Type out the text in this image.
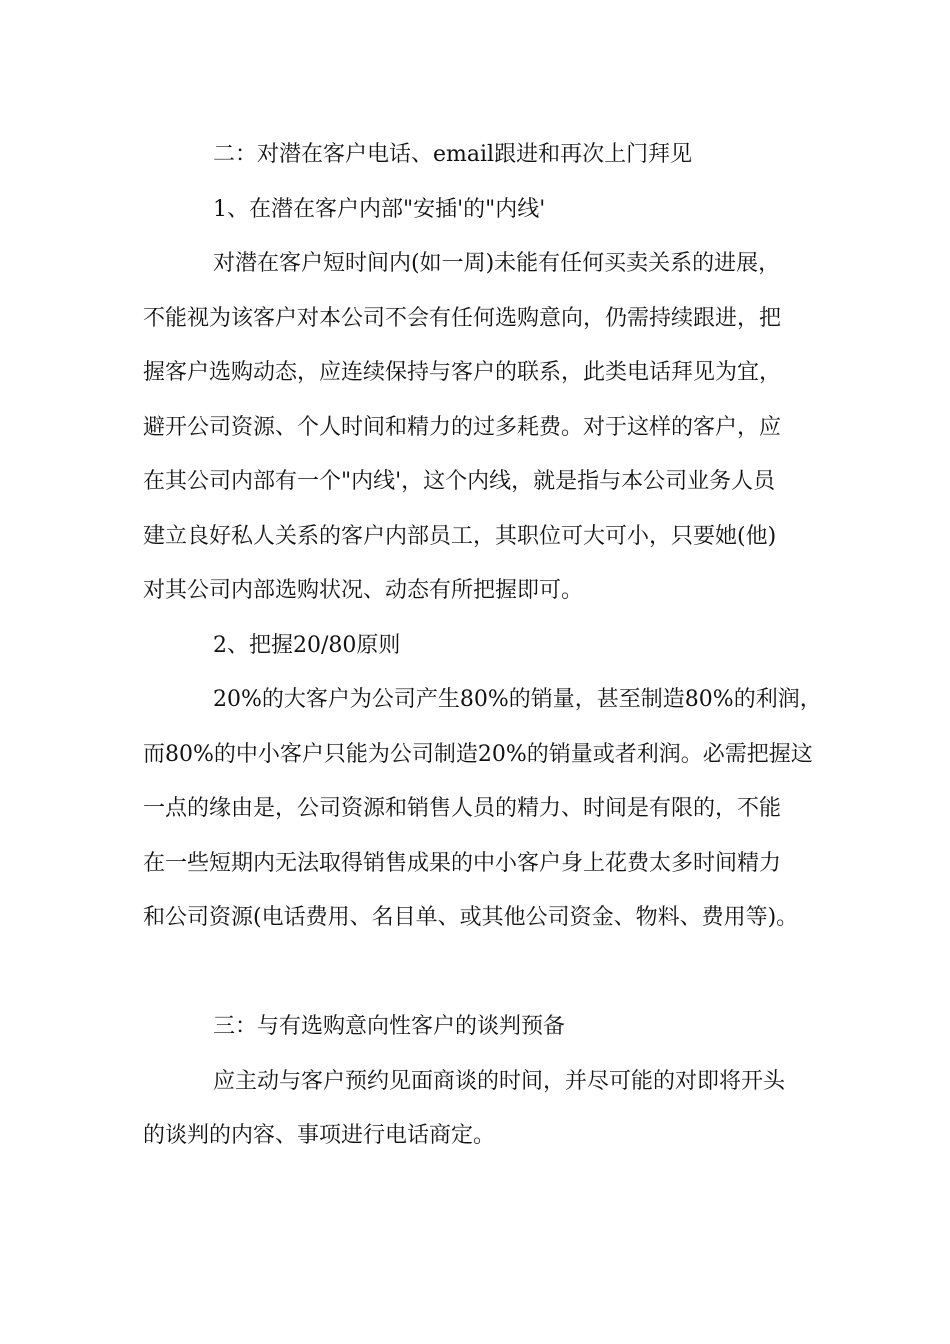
二：对潜在客户电话、email跟进和再次上门拜见
1、在潜在客户内部"安插'的"内线'
对潜在客户短时间内(如一周)未能有任何买卖关系的进展，
不能视为该客户对本公司不会有任何选购意向，仍需持续跟进，把
握客户选购动态，应连续保持与客户的联系，此类电话拜见为宜，
避开公司资源、个人时间和精力的过多耗费。对于这样的客户，应
在其公司内部有一个"内线'，这个内线，就是指与本公司业务人员
建立良好私人关系的客户内部员工，其职位可大可小，只要她(他)
对其公司内部选购状况、动态有所把握即可。
2、把握20/80原则
20%的大客户为公司产生80%的销量，甚至制造80%的利润，
而80%的中小客户只能为公司制造20%的销量或者利润。必需把握这
一点的缘由是，公司资源和销售人员的精力、时间是有限的，不能
在一些短期内无法取得销售成果的中小客户身上花费太多时间精力
和公司资源(电话费用、名目单、或其他公司资金、物料、费用等)。
三：与有选购意向性客户的谈判预备
应主动与客户预约见面商谈的时间，并尽可能的对即将开头
的谈判的内容、事项进行电话商定。
